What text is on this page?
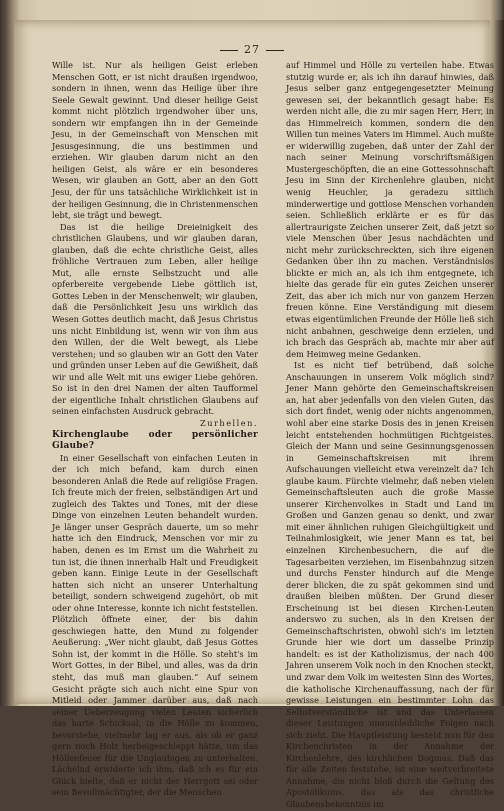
27

Wille ist. Nur als heiligen Geist erleben Menschen Gott, er ist nicht draußen irgendwoo, sondern in ihnen, wenn das Heilige über ihre Seele Gewalt gewinnt. Und dieser heilige Geist kommt nicht plötzlich irgendwoher über uns, sondern wir empfangen ihn in der Gemeinde Jesu, in der Gemeinschaft von Menschen mit Jesusgesinnung, die uns bestimmen und erziehen. Wir glauben darum nicht an den heiligen Geist, als wäre er ein besonderes Wesen, wir glauben an Gott, aber an den Gott Jesu, der für uns tatsächliche Wirklichkeit ist in der heiligen Gesinnung, die in Christenmenschen lebt, sie trägt und bewegt.

Das ist die heilige Dreieinigkeit des christlichen Glaubens, und wir glauben daran, glauben, daß die echte christliche Geist, alles fröhliche Vertrauen zum Leben, aller heilige Mut, alle ernste Selbstzucht und alle opferbereite vergebende Liebe göttlich ist, Gottes Leben in der Menschenwelt; wir glauben, daß die Persönlichkeit Jesu uns wirklich das Wesen Gottes deutlich macht, daß Jesus Christus uns nicht Einbildung ist, wenn wir von ihm aus den Willen, der die Welt bewegt, als Liebe verstehen; und so glauben wir an Gott den Vater und gründen unser Leben auf die Gewißheit, daß wir und alle Welt mit uns ewiger Liebe gehören. So ist in den drei Namen der alten Taufformel der eigentliche Inhalt christlichen Glaubens auf seinen einfachsten Ausdruck gebracht.

Zurhellen.

Kirchenglaube oder persönlicher Glaube?

In einer Gesellschaft von einfachen Leuten in der ich mich befand, kam durch einen besonderen Anlaß die Rede auf religiöse Fragen. Ich freute mich der freien, selbständigen Art und zugleich des Taktes und Tones, mit der diese Dinge von einzelnen Leuten behandelt wurden. Je länger unser Gespräch dauerte, um so mehr hatte ich den Eindruck, Menschen vor mir zu haben, denen es im Ernst um die Wahrheit zu tun ist, die ihnen innerhalb Halt und Freudigkeit geben kann. Einige Leute in der Gesellschaft hatten sich nicht an unserer Unterhaltung beteiligt, sondern schweigend zugehört, ob mit oder ohne Interesse, konnte ich nicht feststellen. Plötzlich öffnete einer, der bis dahin geschwiegen hatte, den Mund zu folgender Aeußerung: „Wer nicht glaubt, daß Jesus Gottes Sohn ist, der kommt in die Hölle. So steht's im Wort Gottes, in der Bibel, und alles, was da drin steht, das muß man glauben.“ Auf seinem Gesicht prägte sich auch nicht eine Spur von Mitleid oder Jammer darüber aus, daß nach seiner Ueberzeugung vielen Leuten sicherlich das harte Schicksal, in die Hölle zu kommen, bevorstehe, vielmehr lag er aus, als ob er ganz gern noch Holz herbeigeschleppt hätte, um das Höllenfeuer für die Unglaubigen zu unterhalten. Lächelnd erwiderte ich ihm, daß ich es für ein Glück hielte, daß er nicht der Herrgott sei oder sein Bevollmächtigter, der die Menschen

auf Himmel und Hölle zu verteilen habe. Etwas stutzig wurde er, als ich ihn darauf hinwies, daß Jesus selber ganz entgegengesetzter Meinung gewesen sei, der bekanntlich gesagt habe: Es werden nicht alle, die zu mir sagen Herr, Herr, in das Himmelreich kommen, sondern die den Willen tun meines Vaters im Himmel. Auch mußte er widerwillig zugeben, daß unter der Zahl der nach seiner Meinung vorschriftsmäßigen Mustergeschöpften, die an eine Gottessohnschaft Jesu im Sinn der Kirchenlehre glauben, nicht wenig Heuchler, ja geradezu sittlich minderwertige und gottlose Menschen vorhanden seien. Schließlich erklärte er es für das allertraurigste Zeichen unserer Zeit, daß jetzt so viele Menschen über Jesus nachdächten und nicht mehr zurückschreckten, sich ihre eigenen Gedanken über ihn zu machen. Verständnislos blickte er mich an, als ich ihm entgegnete, ich hielte das gerade für ein gutes Zeichen unserer Zeit, das aber ich mich nur von ganzem Herzen freuen könne. Eine Verständigung mit diesem etwas eigentümlichen Freunde der Hölle ließ sich nicht anbahnen, geschweige denn erzielen, und ich brach das Gespräch ab, machte mir aber auf dem Heimweg meine Gedanken.

Ist es nicht tief betrübend, daß solche Anschauungen in unserem Volk möglich sind? Jener Mann gehörte den Gemeinschaftskreisen an, hat aber jedenfalls von den vielen Guten, das sich dort findet, wenig oder nichts angenommen, wohl aber eine starke Dosis des in jenen Kreisen leicht entstehenden hochmütigen Richtgeistes. Gleich der Mann und seine Gesinnungsgenossen in Gemeinschaftskreisen mit ihrem Aufschauungen vielleicht etwa vereinzelt da? Ich glaube kaum. Fürchte vielmehr, daß neben vielen Gemeinschaftsleuten auch die große Masse unserer Kirchenvolkes in Stadt und Land im Großen und Ganzen genau so denkt, und zwar mit einer ähnlichen ruhigen Gleichgültigkeit und Teilnahmlosigkeit, wie jener Mann es tat, bei einzelnen Kirchenbesuchern, die auf die Tagesarbeiten verziehen, im Eisenbahnzug sitzen und durchs Fenster hindurch auf die Menge derer blicken, die zu spät gekommen sind und draußen bleiben müßten. Der Grund dieser Erscheinung ist bei diesen Kirchen-Leuten anderswo zu suchen, als in den Kreisen der Gemeinschaftschristen, obwohl sich's im letzten Grunde hier wie dort um dasselbe Prinzip handelt: es ist der Katholizismus, der nach 400 Jahren unserem Volk noch in den Knochen steckt, und zwar dem Volk im weitesten Sinn des Wortes, die katholische Kirchenauffassung, nach der für gewisse Leistungen ein bestimmter Lohn das Selbstverständliche ist und das Unterlassen dieser Leistungen unausbleibliche Folgen nach sich zieht. Die Hauptleistung besteht nun für den Kirchenchristen in der Annahme der Kirchenlehre, des kirchlichen Dogmas. Daß das für alle Zeiten feststehe, ist eine weitverbreitete Annahme, die nicht bloß durch die Geltung des Apostolikums, das als das christliche Glaubensbekenntnis im
